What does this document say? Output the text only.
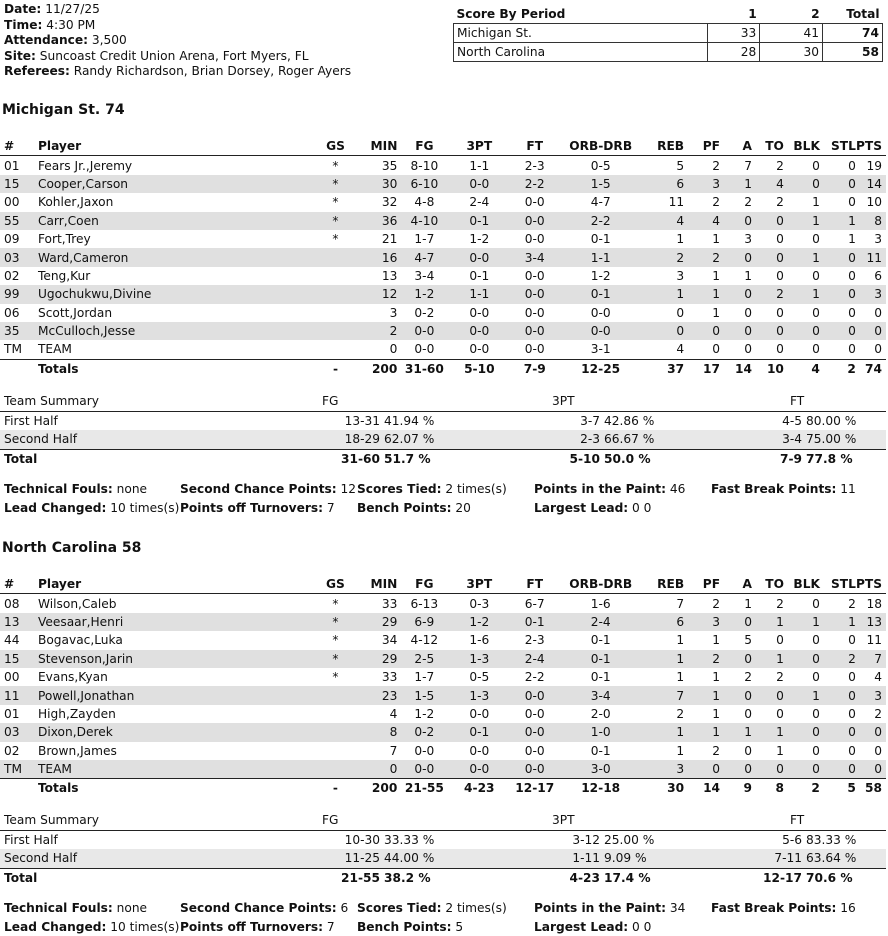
Date: 11/27/25
Time: 4:30 PM
Attendance: 3,500
Site: Suncoast Credit Union Arena, Fort Myers, FL
Referees: Randy Richardson, Brian Dorsey, Roger Ayers
Score By Period	1	2	Total
Michigan St.	33	41	74
North Carolina	28	30	58
Michigan St. 74
#	Player	GS	MIN	FG	3PT	FT	ORB-DRB	REB	PF	A	TO	BLK	STL	PTS
01	Fears Jr.,Jeremy	*	35	8-10	1-1	2-3	0-5	5	2	7	2	0	0	19
15	Cooper,Carson	*	30	6-10	0-0	2-2	1-5	6	3	1	4	0	0	14
00	Kohler,Jaxon	*	32	4-8	2-4	0-0	4-7	11	2	2	2	1	0	10
55	Carr,Coen	*	36	4-10	0-1	0-0	2-2	4	4	0	0	1	1	8
09	Fort,Trey	*	21	1-7	1-2	0-0	0-1	1	1	3	0	0	1	3
03	Ward,Cameron		16	4-7	0-0	3-4	1-1	2	2	0	0	1	0	11
02	Teng,Kur		13	3-4	0-1	0-0	1-2	3	1	1	0	0	0	6
99	Ugochukwu,Divine		12	1-2	1-1	0-0	0-1	1	1	0	2	1	0	3
06	Scott,Jordan		3	0-2	0-0	0-0	0-0	0	1	0	0	0	0	0
35	McCulloch,Jesse		2	0-0	0-0	0-0	0-0	0	0	0	0	0	0	0
TM	TEAM		0	0-0	0-0	0-0	3-1	4	0	0	0	0	0	0
	Totals	-	200	31-60	5-10	7-9	12-25	37	17	14	10	4	2	74
Team Summary	FG		3PT		FT	
First Half	13-31	41.94 %	3-7	42.86 %	4-5	80.00 %
Second Half	18-29	62.07 %	2-3	66.67 %	3-4	75.00 %
Total	31-60	51.7 %	5-10	50.0 %	7-9	77.8 %
Technical Fouls: none	Second Chance Points: 12 Scores Tied: 2 times(s) Points in the Paint: 46 Fast Break Points: 11
Lead Changed: 10 times(s) Points off Turnovers: 7 Bench Points: 20	Largest Lead: 0 0
North Carolina 58
#	Player	GS	MIN	FG	3PT	FT	ORB-DRB	REB	PF	A	TO	BLK	STL	PTS
08	Wilson,Caleb	*	33	6-13	0-3	6-7	1-6	7	2	1	2	0	2	18
13	Veesaar,Henri	*	29	6-9	1-2	0-1	2-4	6	3	0	1	1	1	13
44	Bogavac,Luka	*	34	4-12	1-6	2-3	0-1	1	1	5	0	0	0	11
15	Stevenson,Jarin	*	29	2-5	1-3	2-4	0-1	1	2	0	1	0	2	7
00	Evans,Kyan	*	33	1-7	0-5	2-2	0-1	1	1	2	2	0	0	4
11	Powell,Jonathan		23	1-5	1-3	0-0	3-4	7	1	0	0	1	0	3
01	High,Zayden		4	1-2	0-0	0-0	2-0	2	1	0	0	0	0	2
03	Dixon,Derek		8	0-2	0-1	0-0	1-0	1	1	1	1	0	0	0
02	Brown,James		7	0-0	0-0	0-0	0-1	1	2	0	1	0	0	0
TM	TEAM		0	0-0	0-0	0-0	3-0	3	0	0	0	0	0	0
	Totals	-	200	21-55	4-23	12-17	12-18	30	14	9	8	2	5	58
Team Summary	FG		3PT		FT	
First Half	10-30	33.33 %	3-12	25.00 %	5-6	83.33 %
Second Half	11-25	44.00 %	1-11	9.09 %	7-11	63.64 %
Total	21-55	38.2 %	4-23	17.4 %	12-17	70.6 %
Technical Fouls: none	Second Chance Points: 6 Scores Tied: 2 times(s) Points in the Paint: 34 Fast Break Points: 16
Lead Changed: 10 times(s) Points off Turnovers: 7 Bench Points: 5	Largest Lead: 0 0
